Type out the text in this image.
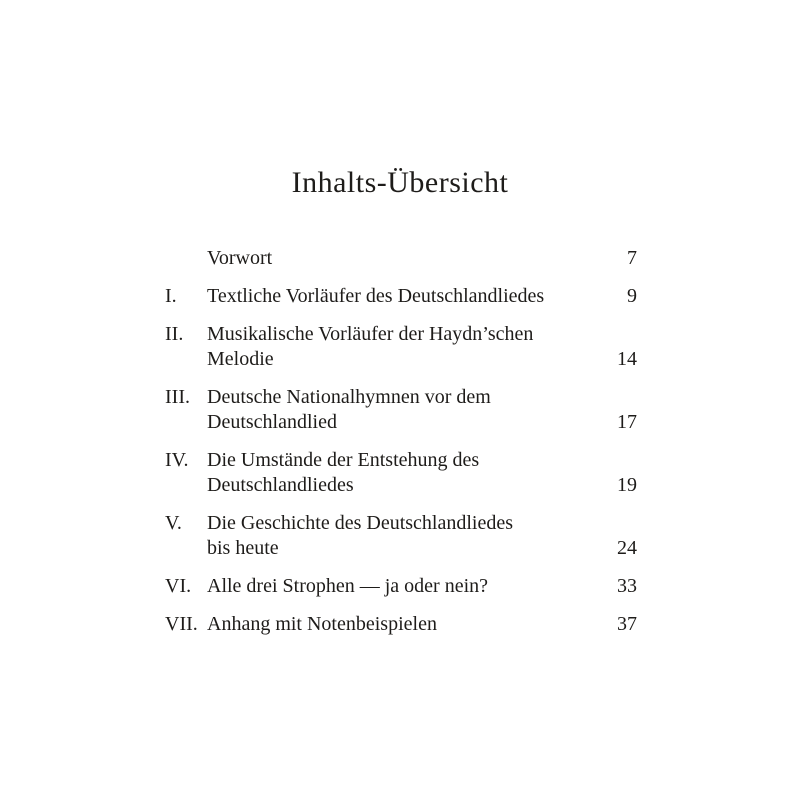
Inhalts-Übersicht
Vorwort	7
I.	Textliche Vorläufer des Deutschlandliedes	9
II.	Musikalische Vorläufer der Haydn’schen
Melodie	14
III. Deutsche Nationalhymnen vor dem
Deutschlandlied	17
IV. Die Umstände der Entstehung des
Deutschlandliedes	19
V.	Die Geschichte des Deutschlandliedes
bis heute	24
VI. Alle drei Strophen — ja oder nein?	33
VII. Anhang mit Notenbeispielen	37
